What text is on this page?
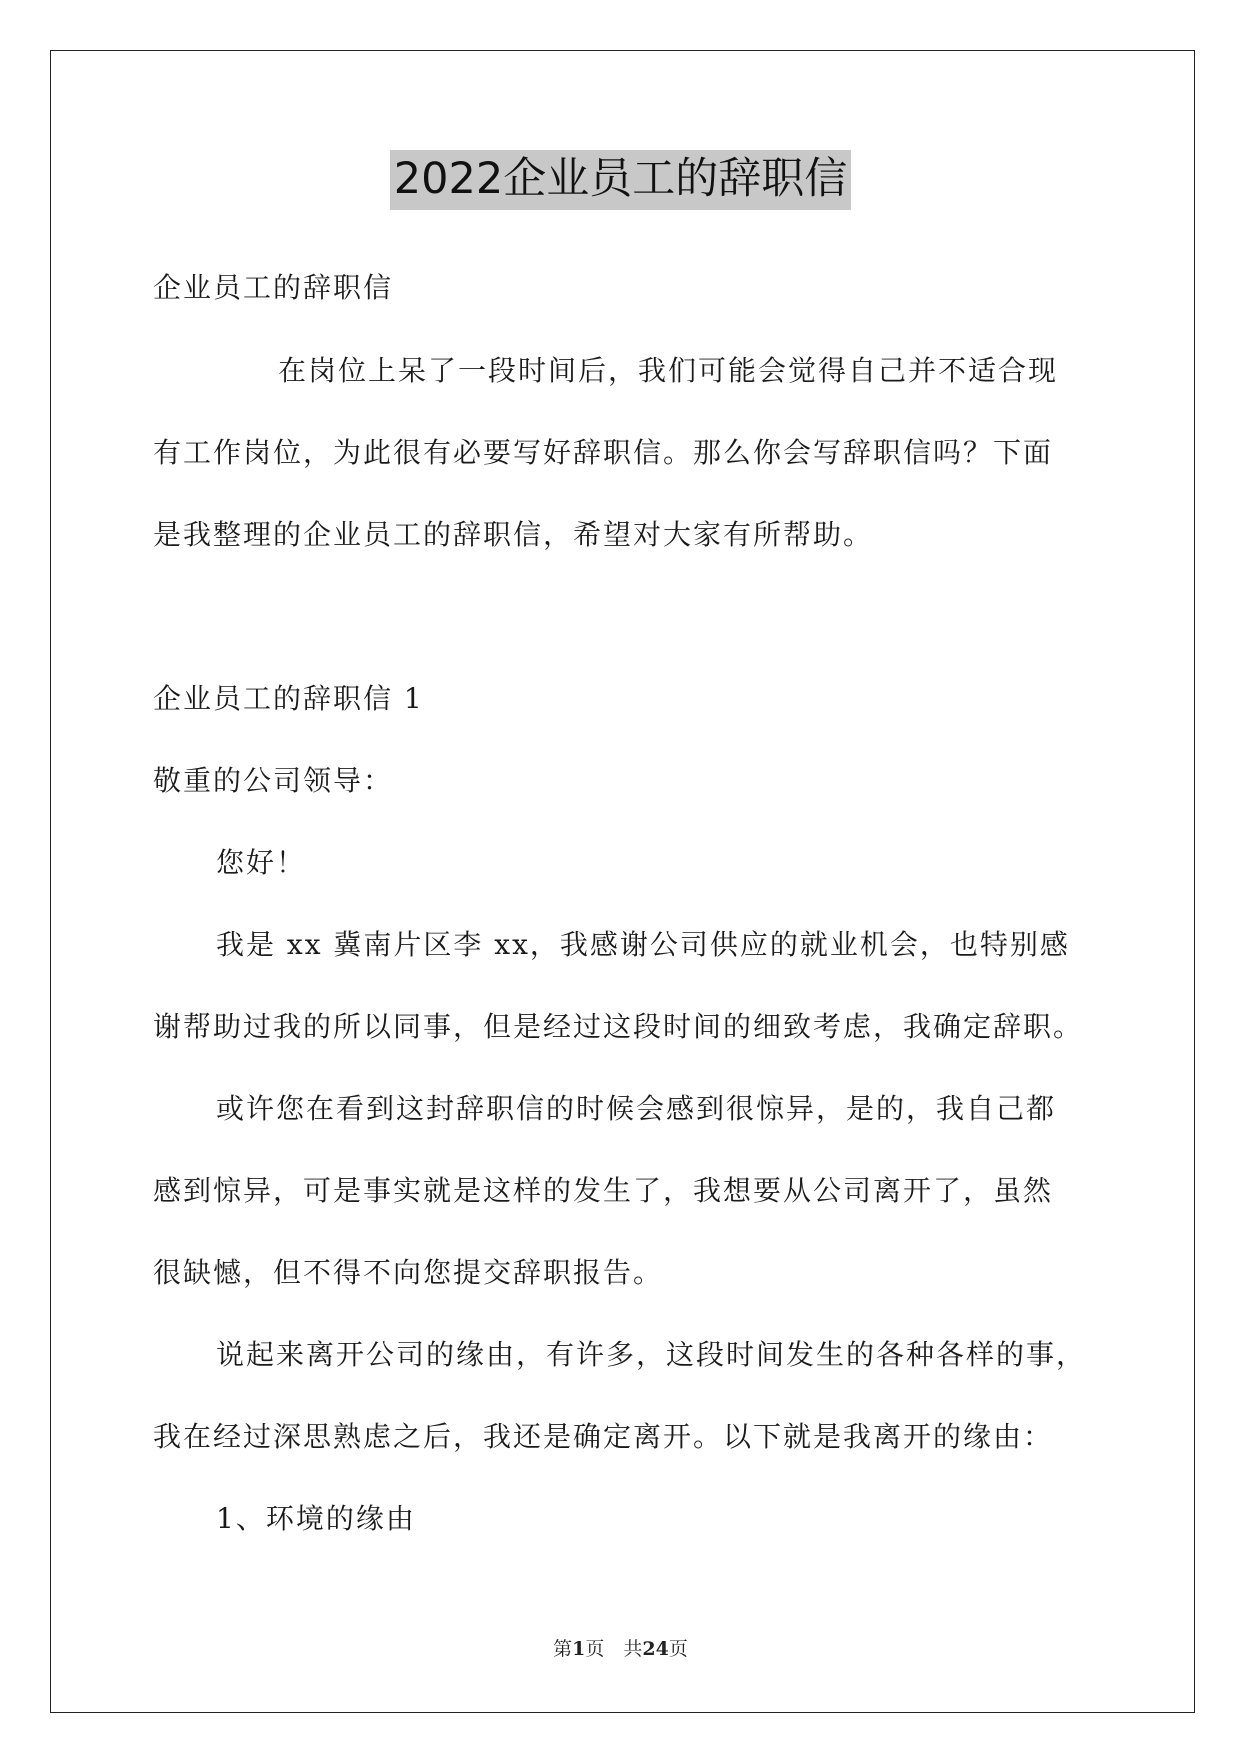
2022企业员工的辞职信
企业员工的辞职信
在岗位上呆了一段时间后，我们可能会觉得自己并不适合现
有工作岗位，为此很有必要写好辞职信。那么你会写辞职信吗？下面
是我整理的企业员工的辞职信，希望对大家有所帮助。
企业员工的辞职信 1
敬重的公司领导：
您好！
我是 xx 冀南片区李 xx，我感谢公司供应的就业机会，也特别感
谢帮助过我的所以同事，但是经过这段时间的细致考虑，我确定辞职。
或许您在看到这封辞职信的时候会感到很惊异，是的，我自己都
感到惊异，可是事实就是这样的发生了，我想要从公司离开了，虽然
很缺憾，但不得不向您提交辞职报告。
说起来离开公司的缘由，有许多，这段时间发生的各种各样的事，
我在经过深思熟虑之后，我还是确定离开。以下就是我离开的缘由：
1、环境的缘由
第1页　共24页
